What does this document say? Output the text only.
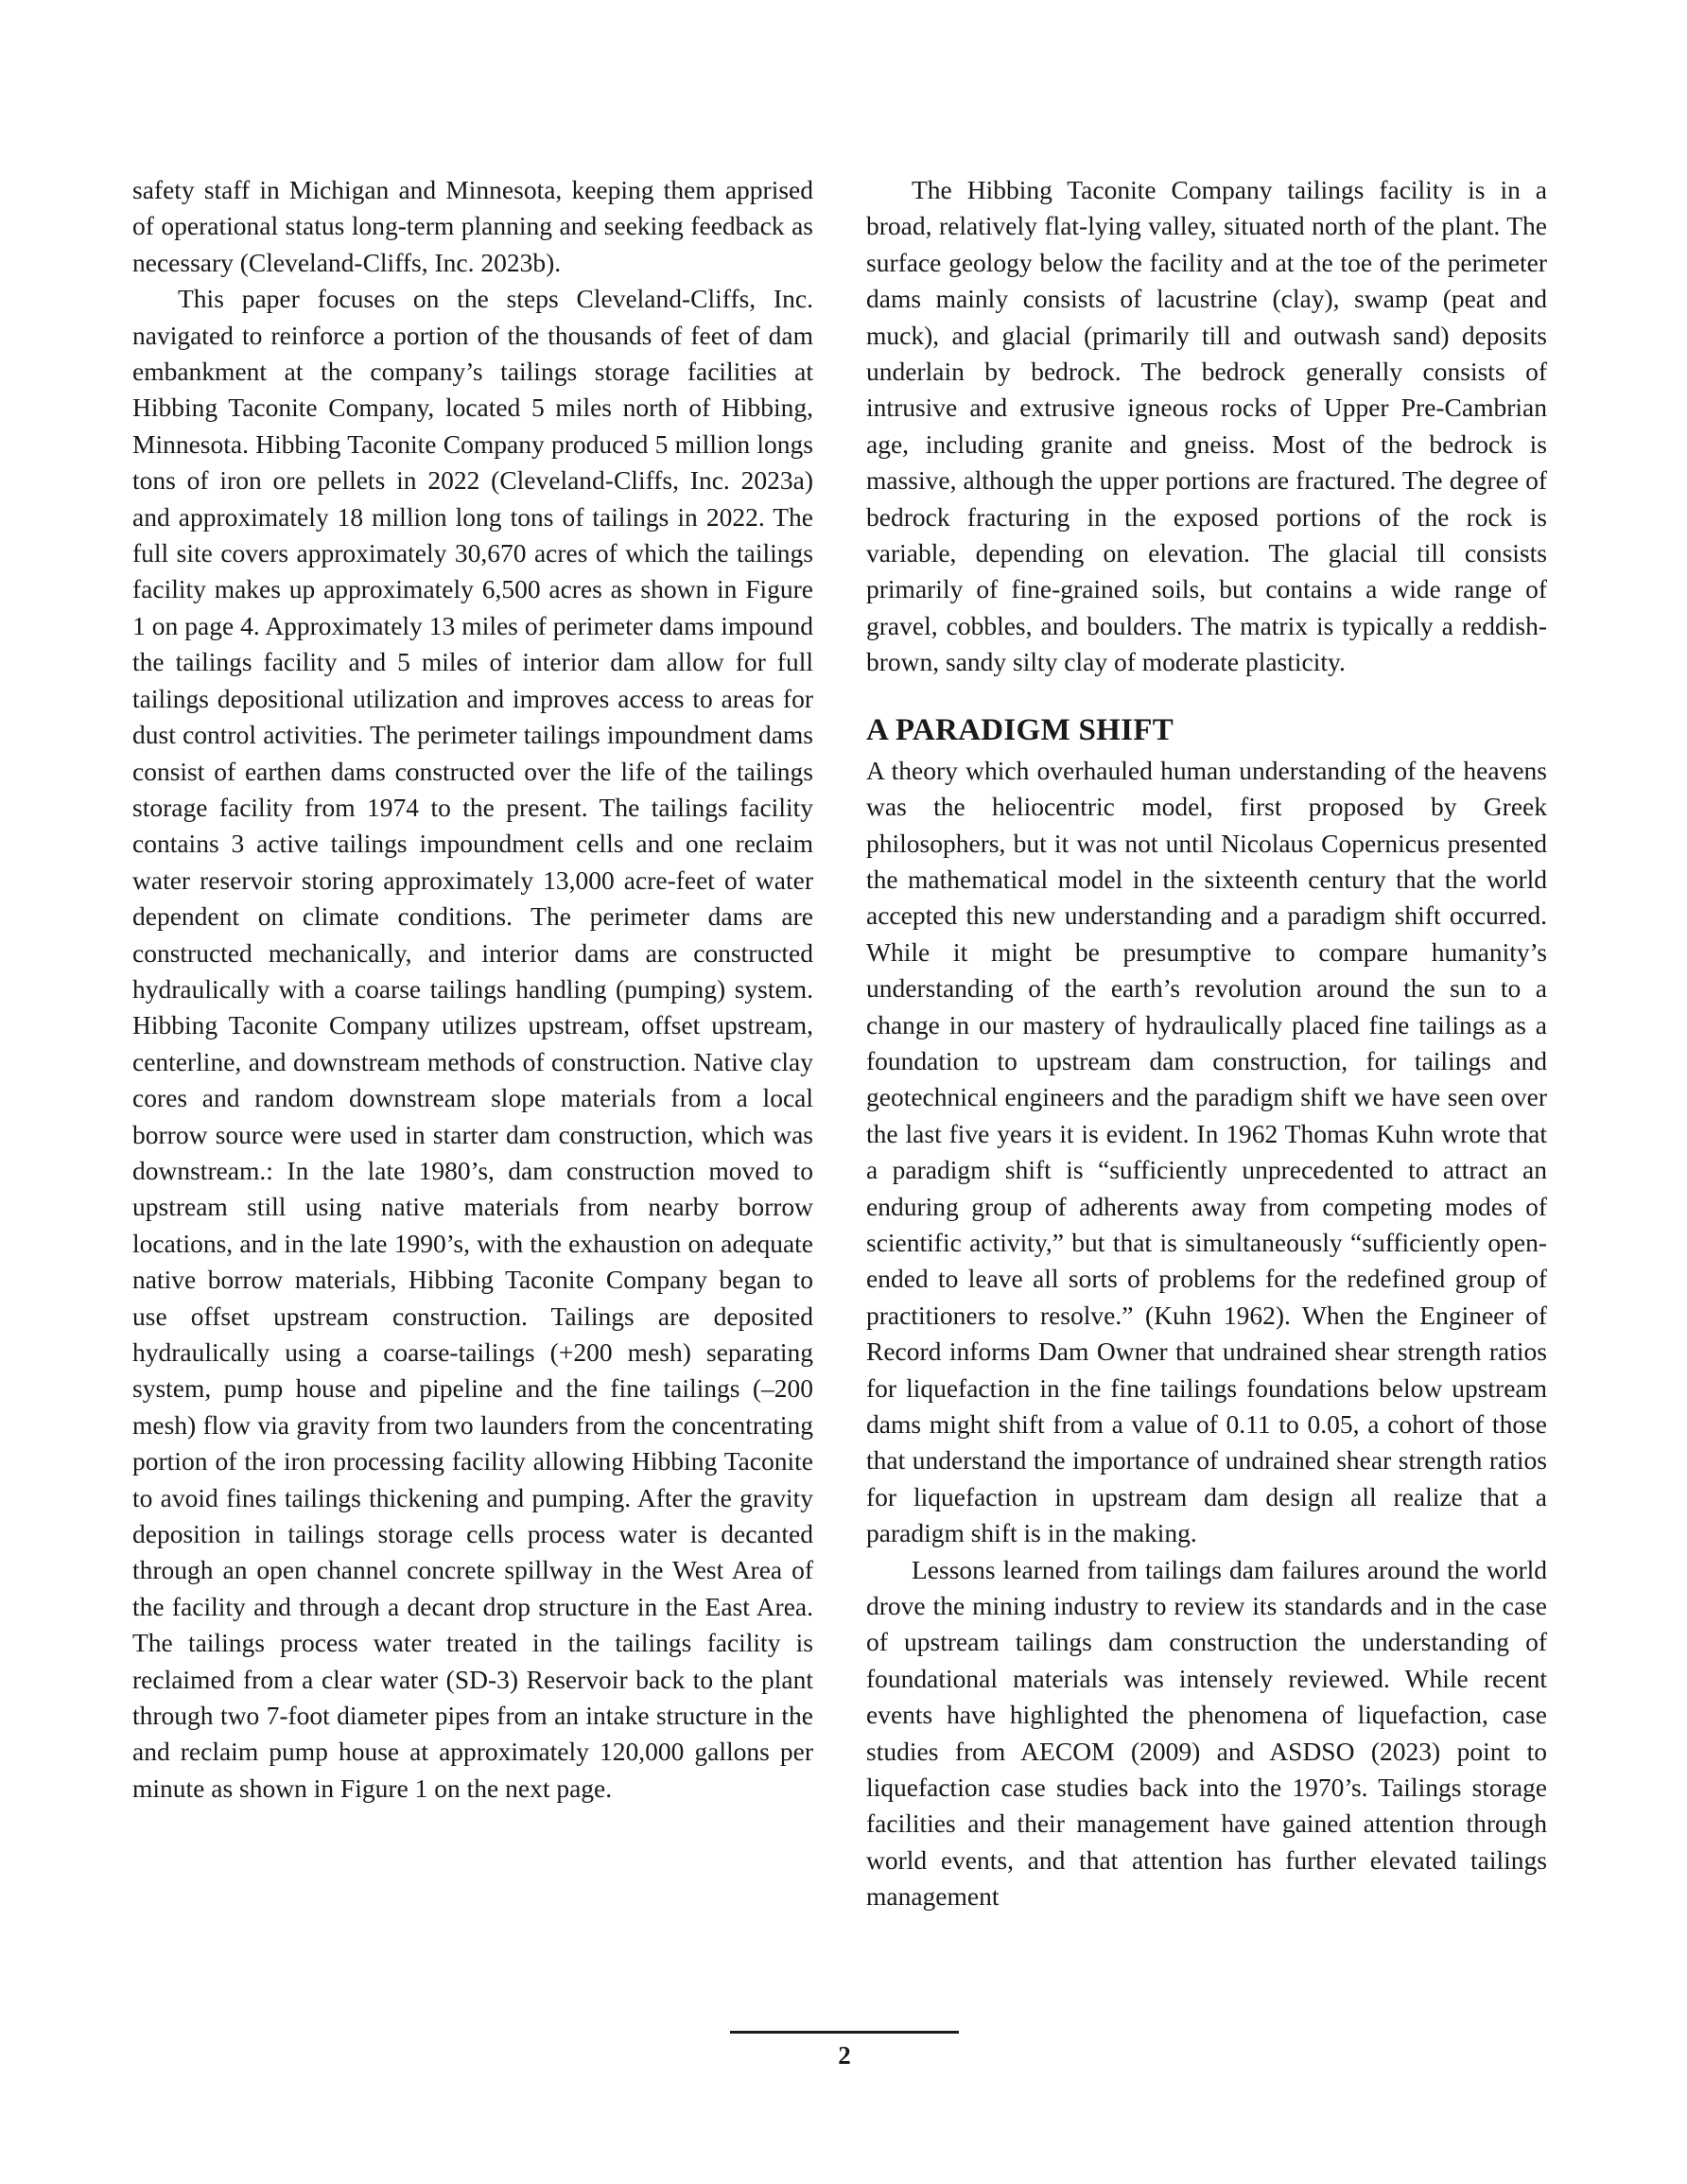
safety staff in Michigan and Minnesota, keeping them apprised of operational status long-term planning and seeking feedback as necessary (Cleveland-Cliffs, Inc. 2023b).

This paper focuses on the steps Cleveland-Cliffs, Inc. navigated to reinforce a portion of the thousands of feet of dam embankment at the company’s tailings storage facilities at Hibbing Taconite Company, located 5 miles north of Hibbing, Minnesota. Hibbing Taconite Company produced 5 million longs tons of iron ore pellets in 2022 (Cleveland-Cliffs, Inc. 2023a) and approximately 18 million long tons of tailings in 2022. The full site covers approximately 30,670 acres of which the tailings facility makes up approximately 6,500 acres as shown in Figure 1 on page 4. Approximately 13 miles of perimeter dams impound the tailings facility and 5 miles of interior dam allow for full tailings depositional utilization and improves access to areas for dust control activities. The perimeter tailings impoundment dams consist of earthen dams constructed over the life of the tailings storage facility from 1974 to the present. The tailings facility contains 3 active tailings impoundment cells and one reclaim water reservoir storing approximately 13,000 acre-feet of water dependent on climate conditions. The perimeter dams are constructed mechanically, and interior dams are constructed hydraulically with a coarse tailings handling (pumping) system. Hibbing Taconite Company utilizes upstream, offset upstream, centerline, and downstream methods of construction. Native clay cores and random downstream slope materials from a local borrow source were used in starter dam construction, which was downstream.: In the late 1980’s, dam construction moved to upstream still using native materials from nearby borrow locations, and in the late 1990’s, with the exhaustion on adequate native borrow materials, Hibbing Taconite Company began to use offset upstream construction. Tailings are deposited hydraulically using a coarse-tailings (+200 mesh) separating system, pump house and pipeline and the fine tailings (–200 mesh) flow via gravity from two launders from the concentrating portion of the iron processing facility allowing Hibbing Taconite to avoid fines tailings thickening and pumping. After the gravity deposition in tailings storage cells process water is decanted through an open channel concrete spillway in the West Area of the facility and through a decant drop structure in the East Area. The tailings process water treated in the tailings facility is reclaimed from a clear water (SD-3) Reservoir back to the plant through two 7-foot diameter pipes from an intake structure in the and reclaim pump house at approximately 120,000 gallons per minute as shown in Figure 1 on the next page.

The Hibbing Taconite Company tailings facility is in a broad, relatively flat-lying valley, situated north of the plant. The surface geology below the facility and at the toe of the perimeter dams mainly consists of lacustrine (clay), swamp (peat and muck), and glacial (primarily till and outwash sand) deposits underlain by bedrock. The bedrock generally consists of intrusive and extrusive igneous rocks of Upper Pre-Cambrian age, including granite and gneiss. Most of the bedrock is massive, although the upper portions are fractured. The degree of bedrock fracturing in the exposed portions of the rock is variable, depending on elevation. The glacial till consists primarily of fine-grained soils, but contains a wide range of gravel, cobbles, and boulders. The matrix is typically a reddish-brown, sandy silty clay of moderate plasticity.

A PARADIGM SHIFT

A theory which overhauled human understanding of the heavens was the heliocentric model, first proposed by Greek philosophers, but it was not until Nicolaus Copernicus presented the mathematical model in the sixteenth century that the world accepted this new understanding and a paradigm shift occurred. While it might be presumptive to compare humanity’s understanding of the earth’s revolution around the sun to a change in our mastery of hydraulically placed fine tailings as a foundation to upstream dam construction, for tailings and geotechnical engineers and the paradigm shift we have seen over the last five years it is evident. In 1962 Thomas Kuhn wrote that a paradigm shift is “sufficiently unprecedented to attract an enduring group of adherents away from competing modes of scientific activity,” but that is simultaneously “sufficiently open-ended to leave all sorts of problems for the redefined group of practitioners to resolve.” (Kuhn 1962). When the Engineer of Record informs Dam Owner that undrained shear strength ratios for liquefaction in the fine tailings foundations below upstream dams might shift from a value of 0.11 to 0.05, a cohort of those that understand the importance of undrained shear strength ratios for liquefaction in upstream dam design all realize that a paradigm shift is in the making.

Lessons learned from tailings dam failures around the world drove the mining industry to review its standards and in the case of upstream tailings dam construction the understanding of foundational materials was intensely reviewed. While recent events have highlighted the phenomena of liquefaction, case studies from AECOM (2009) and ASDSO (2023) point to liquefaction case studies back into the 1970’s. Tailings storage facilities and their management have gained attention through world events, and that attention has further elevated tailings management

2
